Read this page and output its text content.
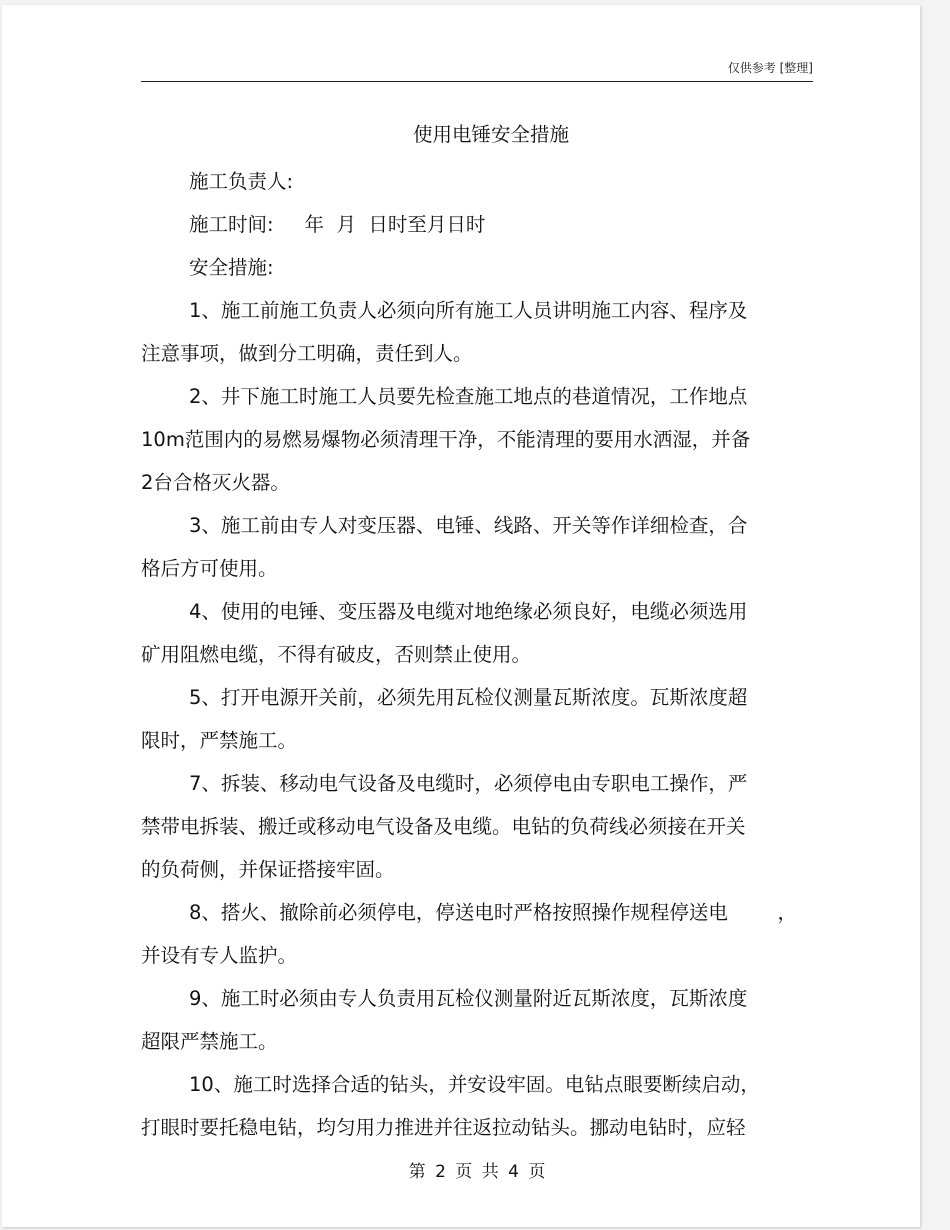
仅供参考 [整理]
使用电锤安全措施
施工负责人:
施工时间:     年  月  日时至月日时
安全措施:
1、施工前施工负责人必须向所有施工人员讲明施工内容、程序及
注意事项，做到分工明确，责任到人。
2、井下施工时施工人员要先检查施工地点的巷道情况，工作地点
10m范围内的易燃易爆物必须清理干净，不能清理的要用水洒湿，并备
2台合格灭火器。
3、施工前由专人对变压器、电锤、线路、开关等作详细检查，合
格后方可使用。
4、使用的电锤、变压器及电缆对地绝缘必须良好，电缆必须选用
矿用阻燃电缆，不得有破皮，否则禁止使用。
5、打开电源开关前，必须先用瓦检仪测量瓦斯浓度。瓦斯浓度超
限时，严禁施工。
7、拆装、移动电气设备及电缆时，必须停电由专职电工操作，严
禁带电拆装、搬迁或移动电气设备及电缆。电钻的负荷线必须接在开关
的负荷侧，并保证搭接牢固。
8、搭火、撤除前必须停电，停送电时严格按照操作规程停送电        ，
并设有专人监护。
9、施工时必须由专人负责用瓦检仪测量附近瓦斯浓度，瓦斯浓度
超限严禁施工。
10、施工时选择合适的钻头，并安设牢固。电钻点眼要断续启动，
打眼时要托稳电钻，均匀用力推进并往返拉动钻头。挪动电钻时，应轻
第 2 页 共 4 页
